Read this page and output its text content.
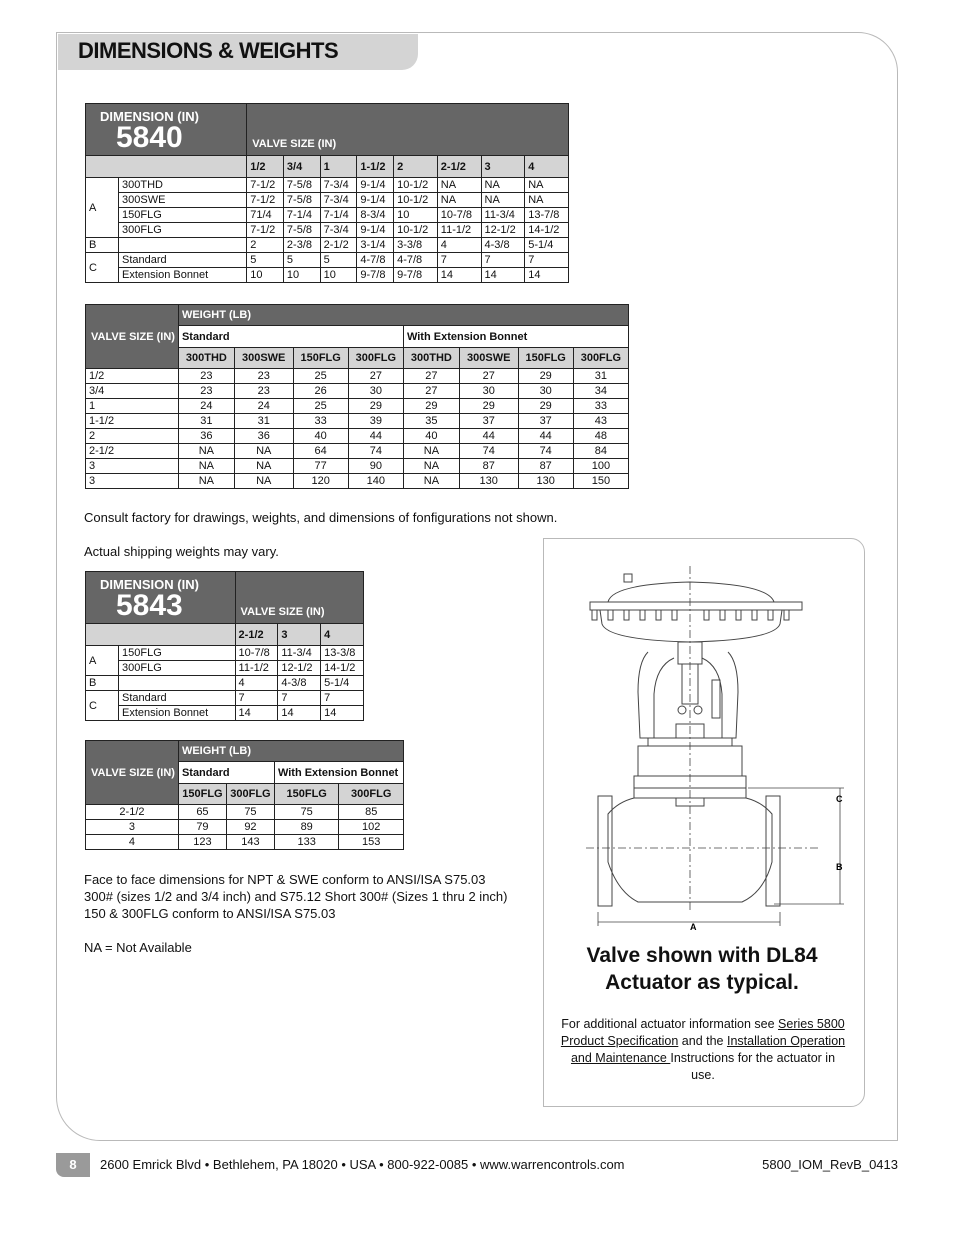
DIMENSIONS & WEIGHTS
DIMENSION (IN)
5840		VALVE SIZE (IN)							
		1/2	3/4	1	1-1/2	2	2-1/2	3	4
A	300THD	7-1/2	7-5/8	7-3/4	9-1/4	10-1/2	NA	NA	NA
	300SWE	7-1/2	7-5/8	7-3/4	9-1/4	10-1/2	NA	NA	NA
	150FLG	71/4	7-1/4	7-1/4	8-3/4	10	10-7/8	11-3/4	13-7/8
	300FLG	7-1/2	7-5/8	7-3/4	9-1/4	10-1/2	11-1/2	12-1/2	14-1/2
B		2	2-3/8	2-1/2	3-1/4	3-3/8	4	4-3/8	5-1/4
C	Standard	5	5	5	4-7/8	4-7/8	7	7	7
	Extension Bonnet	10	10	10	9-7/8	9-7/8	14	14	14
VALVE SIZE (IN)	WEIGHT (LB)							
	Standard				With Extension Bonnet			
	300THD	300SWE	150FLG	300FLG	300THD	300SWE	150FLG	300FLG
1/2	23	23	25	27	27	27	29	31
3/4	23	23	26	30	27	30	30	34
1	24	24	25	29	29	29	29	33
1-1/2	31	31	33	39	35	37	37	43
2	36	36	40	44	40	44	44	48
2-1/2	NA	NA	64	74	NA	74	74	84
3	NA	NA	77	90	NA	87	87	100
3	NA	NA	120	140	NA	130	130	150
Consult factory for drawings, weights, and dimensions of fonfigurations not shown.
Actual shipping weights may vary.
DIMENSION (IN)
5843		VALVE SIZE (IN)		
		2-1/2	3	4
A	150FLG	10-7/8	11-3/4	13-3/8
	300FLG	11-1/2	12-1/2	14-1/2
B		4	4-3/8	5-1/4
C	Standard	7	7	7
	Extension Bonnet	14	14	14
VALVE SIZE (IN)	WEIGHT (LB)			
	Standard		With Extension Bonnet	
	150FLG	300FLG	150FLG	300FLG
2-1/2	65	75	75	85
3	79	92	89	102
4	123	143	133	153
Face to face dimensions for NPT & SWE conform to ANSI/ISA S75.03
300# (sizes 1/2 and 3/4 inch) and S75.12 Short 300# (Sizes 1 thru 2 inch)
150 & 300FLG conform to ANSI/ISA S75.03
NA = Not Available
C
B
A
Valve shown with DL84
Actuator as typical.
For additional actuator information see Series 5800 Product Specification and the Installation Operation and Maintenance Instructions for the actuator in use.
8	2600 Emrick Blvd • Bethlehem, PA 18020 • USA • 800-922-0085 • www.warrencontrols.com	5800_IOM_RevB_0413
